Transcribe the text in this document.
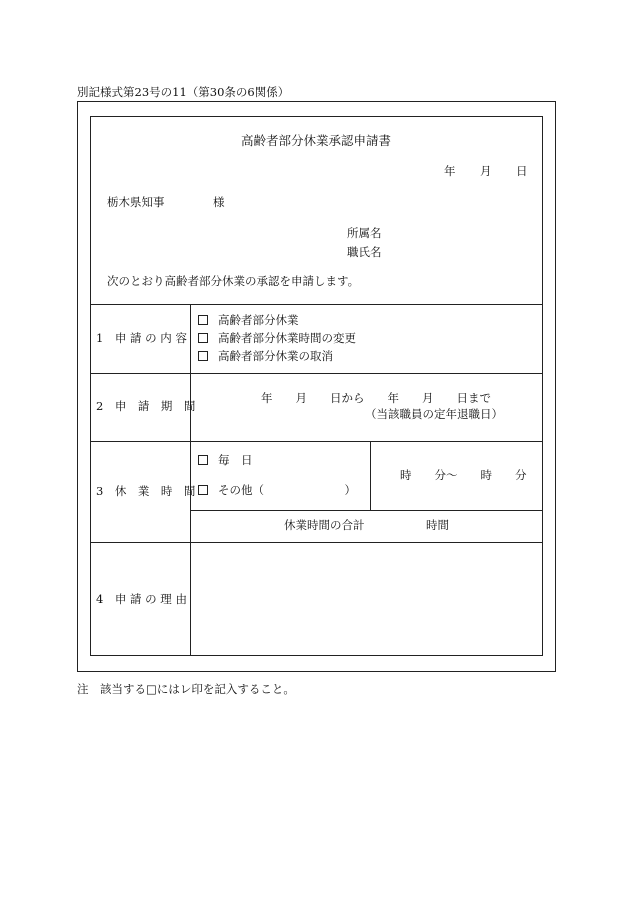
別記様式第23号の11（第30条の6関係）
高齢者部分休業承認申請書
年 月 日
栃木県知事	様
所属名
職氏名
次のとおり高齢者部分休業の承認を申請します。
1　申 請 の 内 容
高齢者部分休業
高齢者部分休業時間の変更
高齢者部分休業の取消
2　申　請　期　間
年　　月　　日から　　年　　月　　日まで
（当該職員の定年退職日）
3　休　業　時　間
毎　日
その他（　　　　　　　）
時　　分～　　時　　分
休業時間の合計	時間
4　申 請 の 理 由
注　該当する□にはレ印を記入すること。
